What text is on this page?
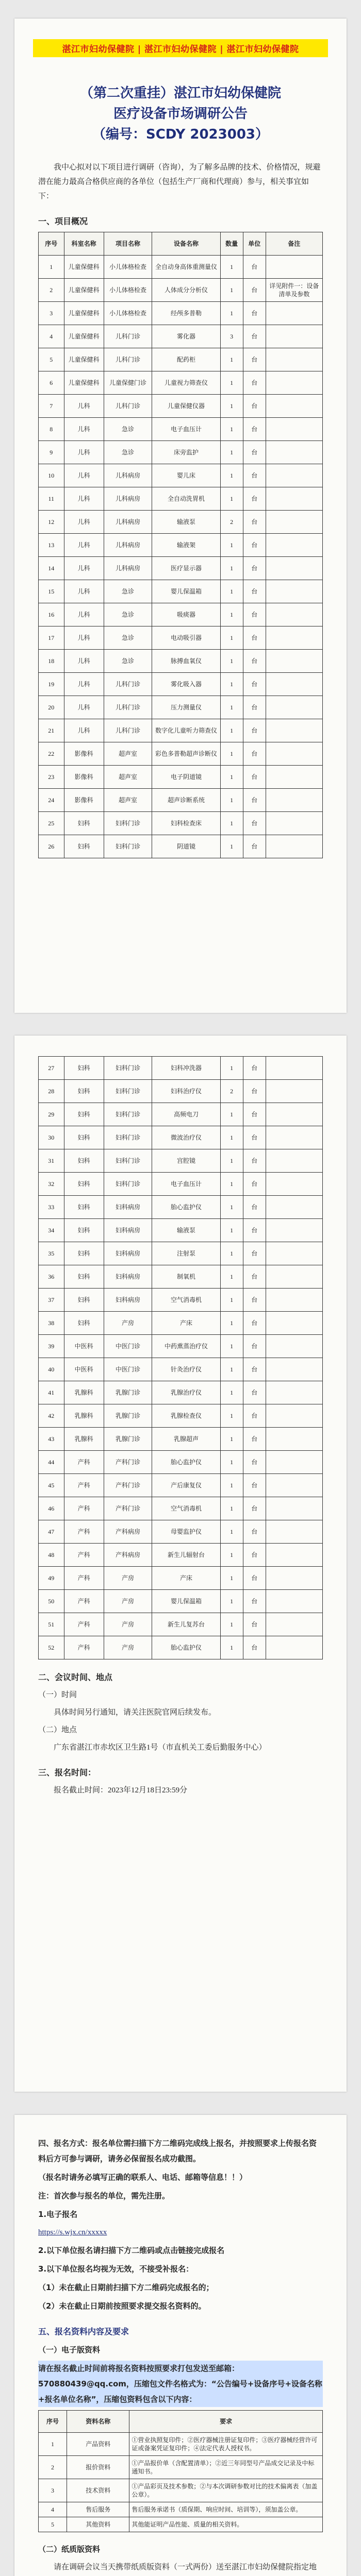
湛江市妇幼保健院 | 湛江市妇幼保健院 | 湛江市妇幼保健院
（第二次重挂）湛江市妇幼保健院
医疗设备市场调研公告
（编号：SCDY 2023003）

我中心拟对以下项目进行调研（咨询），为了解多品牌的技术、价格情况，规避潜在能力最高合格供应商的各单位（包括生产厂商和代理商）参与，相关事宜如下：

一、项目概况
序号	科室名称	项目名称	设备名称	数量	单位	备注
1	儿童保健科	小儿体格检查	全自动身高体重测量仪	1	台	
2	儿童保健科	小儿体格检查	人体成分分析仪	1	台	详见附件一：设备清单及参数
3	儿童保健科	小儿体格检查	经颅多普勒	1	台	
4	儿童保健科	儿科门诊	雾化器	3	台	
5	儿童保健科	儿科门诊	配药柜	1	台	
6	儿童保健科	儿童保健门诊	儿童视力筛查仪	1	台	
7	儿科	儿科门诊	儿童保健仪器	1	台	
8	儿科	急诊	电子血压计	1	台	
9	儿科	急诊	床旁监护	1	台	
10	儿科	儿科病房	婴儿床	1	台	
11	儿科	儿科病房	全自动洗胃机	1	台	
12	儿科	儿科病房	输液泵	2	台	
13	儿科	儿科病房	输液架	1	台	
14	儿科	儿科病房	医疗显示器	1	台	
15	儿科	急诊	婴儿保温箱	1	台	
16	儿科	急诊	吸痰器	1	台	
17	儿科	急诊	电动吸引器	1	台	
18	儿科	急诊	脉搏血氧仪	1	台	
19	儿科	儿科门诊	雾化吸入器	1	台	
20	儿科	儿科门诊	压力测量仪	1	台	
21	儿科	儿科门诊	数字化儿童听力筛查仪	1	台	
22	影像科	超声室	彩色多普勒超声诊断仪	1	台	
23	影像科	超声室	电子阴道镜	1	台	
24	影像科	超声室	超声诊断系统	1	台	
25	妇科	妇科门诊	妇科检查床	1	台	
26	妇科	妇科门诊	阴道镜	1	台	
27	妇科	妇科门诊	妇科冲洗器	1	台	
28	妇科	妇科门诊	妇科治疗仪	2	台	
29	妇科	妇科门诊	高频电刀	1	台	
30	妇科	妇科门诊	微波治疗仪	1	台	
31	妇科	妇科门诊	宫腔镜	1	台	
32	妇科	妇科门诊	电子血压计	1	台	
33	妇科	妇科病房	胎心监护仪	1	台	
34	妇科	妇科病房	输液泵	1	台	
35	妇科	妇科病房	注射泵	1	台	
36	妇科	妇科病房	制氧机	1	台	
37	妇科	妇科病房	空气消毒机	1	台	
38	妇科	产房	产床	1	台	
39	中医科	中医门诊	中药熏蒸治疗仪	1	台	
40	中医科	中医门诊	针灸治疗仪	1	台	
41	乳腺科	乳腺门诊	乳腺治疗仪	1	台	
42	乳腺科	乳腺门诊	乳腺检查仪	1	台	
43	乳腺科	乳腺门诊	乳腺超声	1	台	
44	产科	产科门诊	胎心监护仪	1	台	
45	产科	产科门诊	产后康复仪	1	台	
46	产科	产科门诊	空气消毒机	1	台	
47	产科	产科病房	母婴监护仪	1	台	
48	产科	产科病房	新生儿辐射台	1	台	
49	产科	产房	产床	1	台	
50	产科	产房	婴儿保温箱	1	台	
51	产科	产房	新生儿复苏台	1	台	
52	产科	产房	胎心监护仪	1	台	
二、会议时间、地点

（一）时间

具体时间另行通知，请关注医院官网后续发布。

（二）地点

广东省湛江市赤坎区卫生路1号（市直机关工委后勤服务中心）

三、报名时间：

报名截止时间：2023年12月18日23:59分

四、报名方式：报名单位需扫描下方二维码完成线上报名，并按照要求上传报名资料后方可参与调研，请务必保留报名成功截图。

（报名时请务必填写正确的联系人、电话、邮箱等信息！！）

注：首次参与报名的单位，需先注册。

1.电子报名

https://s.wjx.cn/xxxxx

2.以下单位报名请扫描下方二维码或点击链接完成报名

3.以下单位报名均视为无效，不接受补报名：

（1）未在截止日期前扫描下方二维码完成报名的；

（2）未在截止日期前按照要求提交报名资料的。

五、报名资料内容及要求

（一）电子版资料

请在报名截止时间前将报名资料按照要求打包发送至邮箱：570880439@qq.com，压缩包文件名格式为：“公告编号+设备序号+设备名称+报名单位名称”，压缩包资料包含以下内容：

序号	资料名称	要求
1	产品资料	①营业执照复印件；②医疗器械注册证复印件；③医疗器械经营许可证或备案凭证复印件；④法定代表人授权书。
2	报价资料	①产品报价单（含配置清单）；②近三年同型号产品成交记录及中标通知书。
3	技术资料	①产品彩页及技术参数；②与本次调研参数对比的技术偏离表（加盖公章）。
4	售后服务	售后服务承诺书（质保期、响应时间、培训等），须加盖公章。
5	其他资料	其他能证明产品性能、质量的相关资料。

（二）纸质版资料

请在调研会议当天携带纸质版资料（一式两份）送至湛江市妇幼保健院指定地
